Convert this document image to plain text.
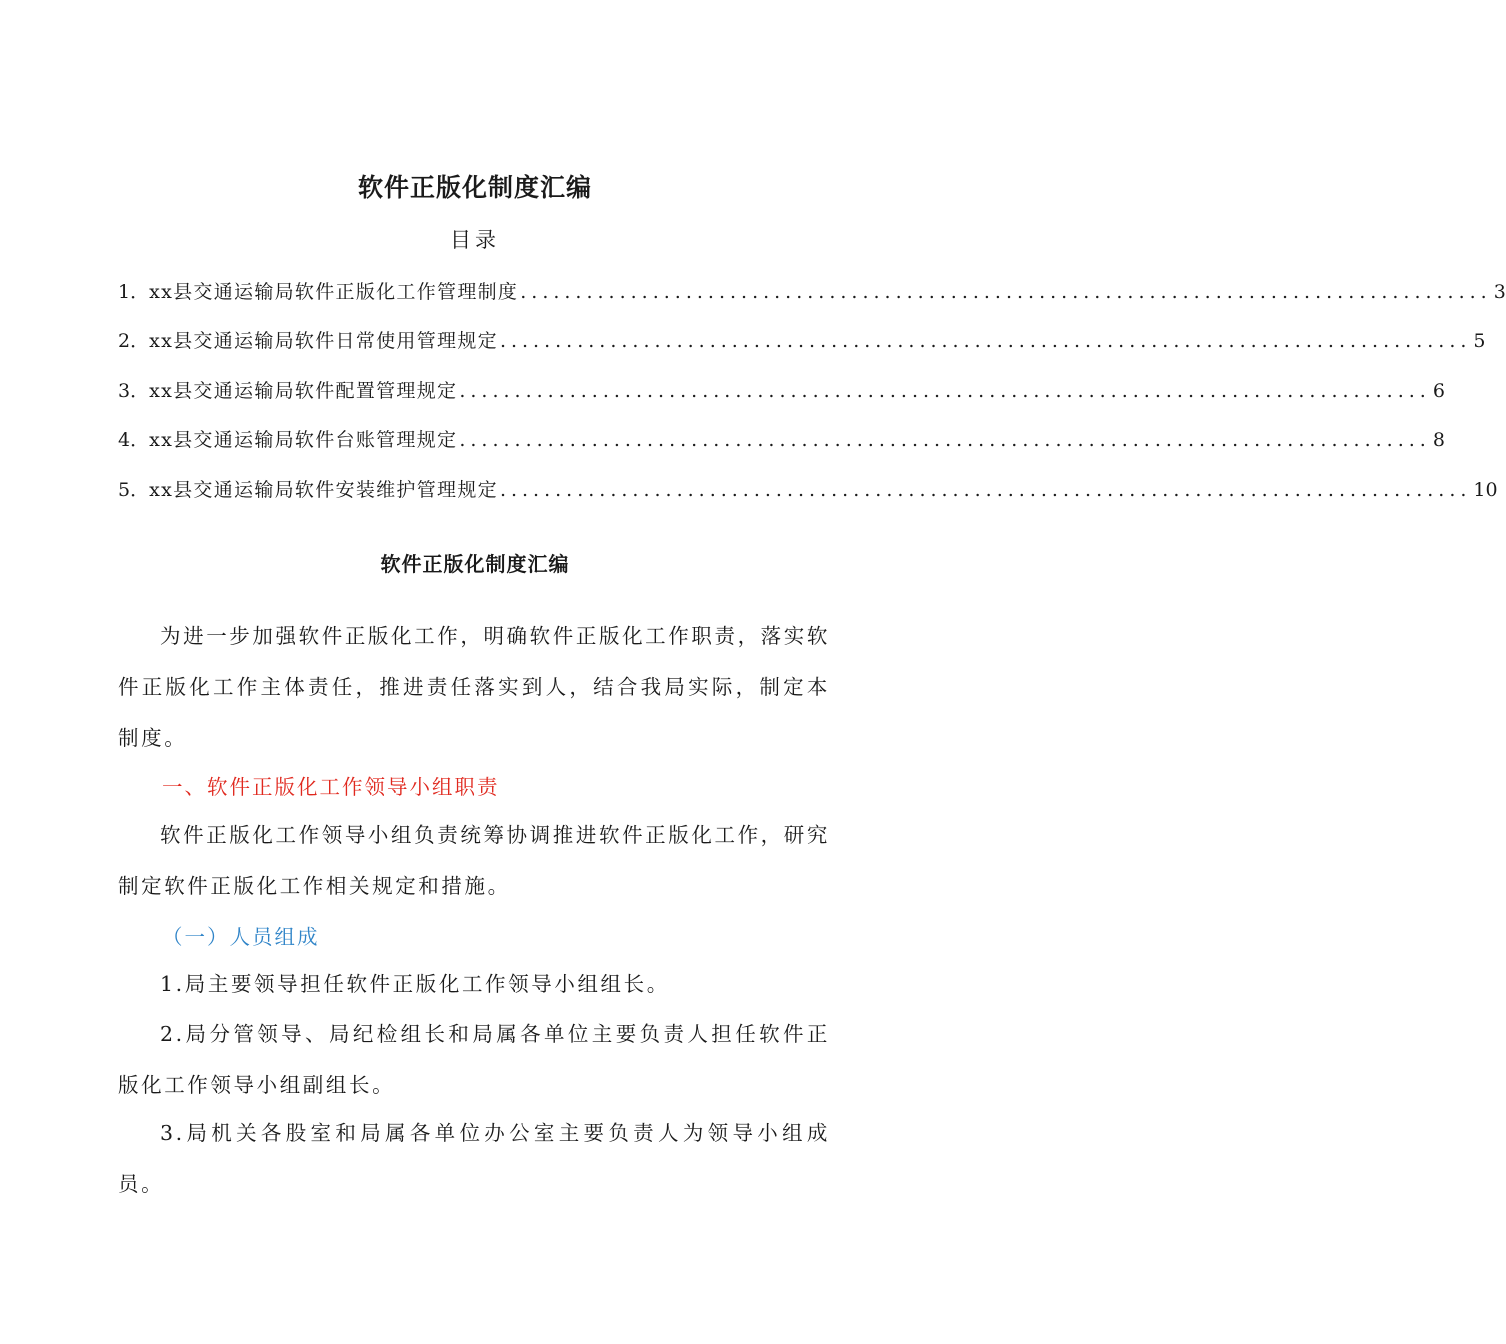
软件正版化制度汇编
目录
1． xx县交通运输局软件正版化工作管理制度 ........................................................................................ 3
2． xx县交通运输局软件日常使用管理规定 ........................................................................................ 5
3． xx县交通运输局软件配置管理规定 ........................................................................................ 6
4． xx县交通运输局软件台账管理规定 ........................................................................................ 8
5． xx县交通运输局软件安装维护管理规定 ........................................................................................ 10
软件正版化制度汇编
为进一步加强软件正版化工作，明确软件正版化工作职责，落实软件正版化工作主体责任，推进责任落实到人，结合我局实际，制定本制度。
一、软件正版化工作领导小组职责
软件正版化工作领导小组负责统筹协调推进软件正版化工作，研究制定软件正版化工作相关规定和措施。
（一）人员组成
1.局主要领导担任软件正版化工作领导小组组长。
2.局分管领导、局纪检组长和局属各单位主要负责人担任软件正版化工作领导小组副组长。
3.局机关各股室和局属各单位办公室主要负责人为领导小组成员。
